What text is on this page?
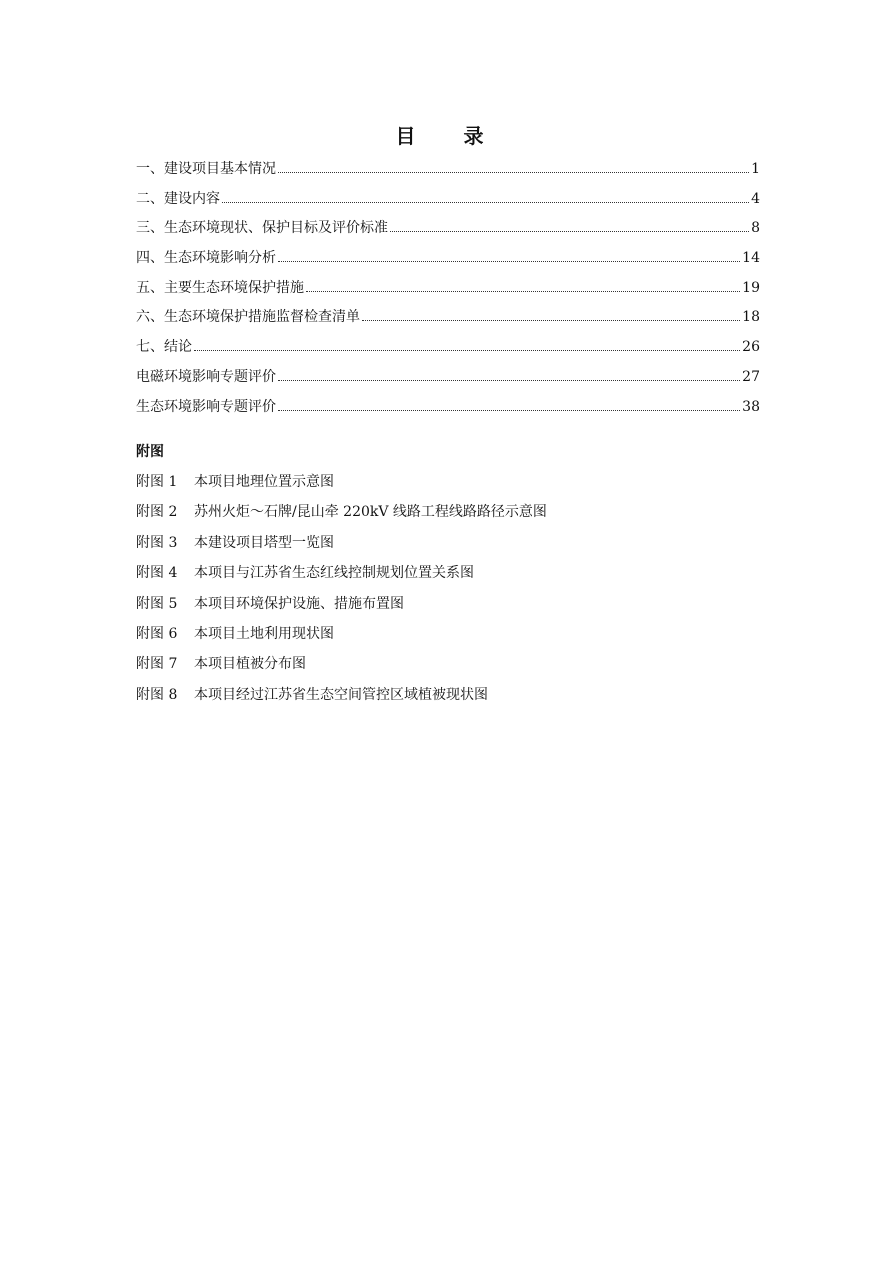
目　录
一、建设项目基本情况	1
二、建设内容	4
三、生态环境现状、保护目标及评价标准	8
四、生态环境影响分析	14
五、主要生态环境保护措施	19
六、生态环境保护措施监督检查清单	18
七、结论	26
电磁环境影响专题评价	27
生态环境影响专题评价	38
附图
附图 1	本项目地理位置示意图
附图 2	苏州火炬～石牌/昆山牵 220kV 线路工程线路路径示意图
附图 3	本建设项目塔型一览图
附图 4	本项目与江苏省生态红线控制规划位置关系图
附图 5	本项目环境保护设施、措施布置图
附图 6	本项目土地利用现状图
附图 7	本项目植被分布图
附图 8	本项目经过江苏省生态空间管控区域植被现状图
